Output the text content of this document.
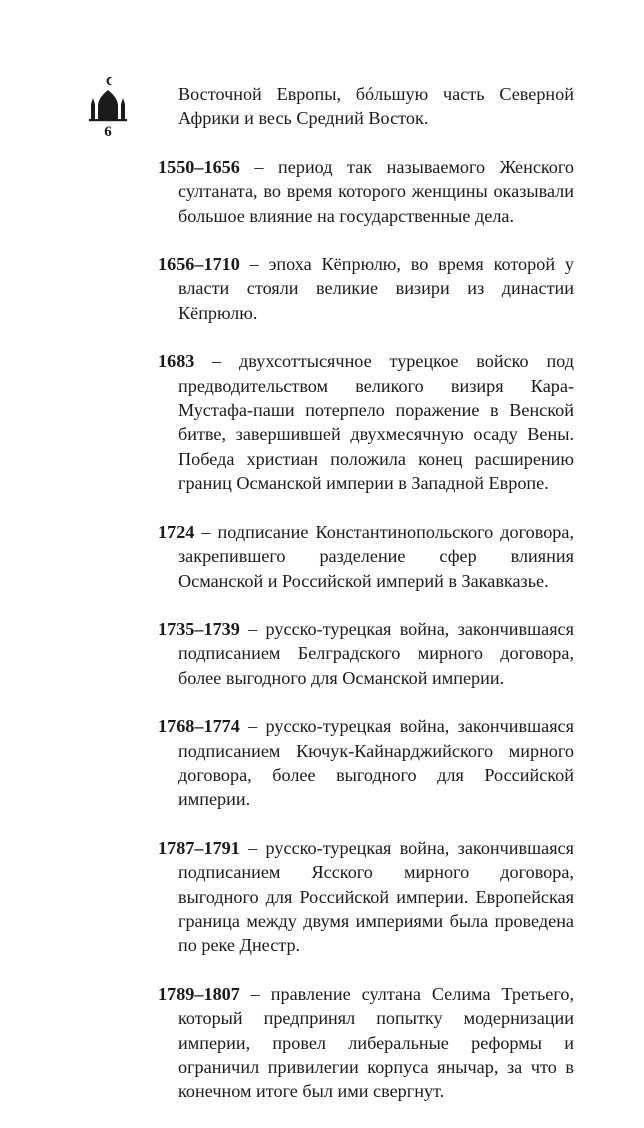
6

Восточной Европы, бóльшую часть Северной Африки и весь Средний Восток.

1550–1656 – период так называемого Женского султаната, во время которого женщины оказывали большое влияние на государственные дела.

1656–1710 – эпоха Кёпрюлю, во время которой у власти стояли великие визири из династии Кёпрюлю.

1683 – двухсоттысячное турецкое войско под предводительством великого визиря Кара-Мустафа-паши потерпело поражение в Венской битве, завершившей двухмесячную осаду Вены. Победа христиан положила конец расширению границ Османской империи в Западной Европе.

1724 – подписание Константинопольского договора, закрепившего разделение сфер влияния Османской и Российской империй в Закавказье.

1735–1739 – русско-турецкая война, закончившаяся подписанием Белградского мирного договора, более выгодного для Османской империи.

1768–1774 – русско-турецкая война, закончившаяся подписанием Кючук-Кайнарджийского мирного договора, более выгодного для Российской империи.

1787–1791 – русско-турецкая война, закончившаяся подписанием Ясского мирного договора, выгодного для Российской империи. Европейская граница между двумя империями была проведена по реке Днестр.

1789–1807 – правление султана Селима Третьего, который предпринял попытку модернизации империи, провел либеральные реформы и ограничил привилегии корпуса янычар, за что в конечном итоге был ими свергнут.
